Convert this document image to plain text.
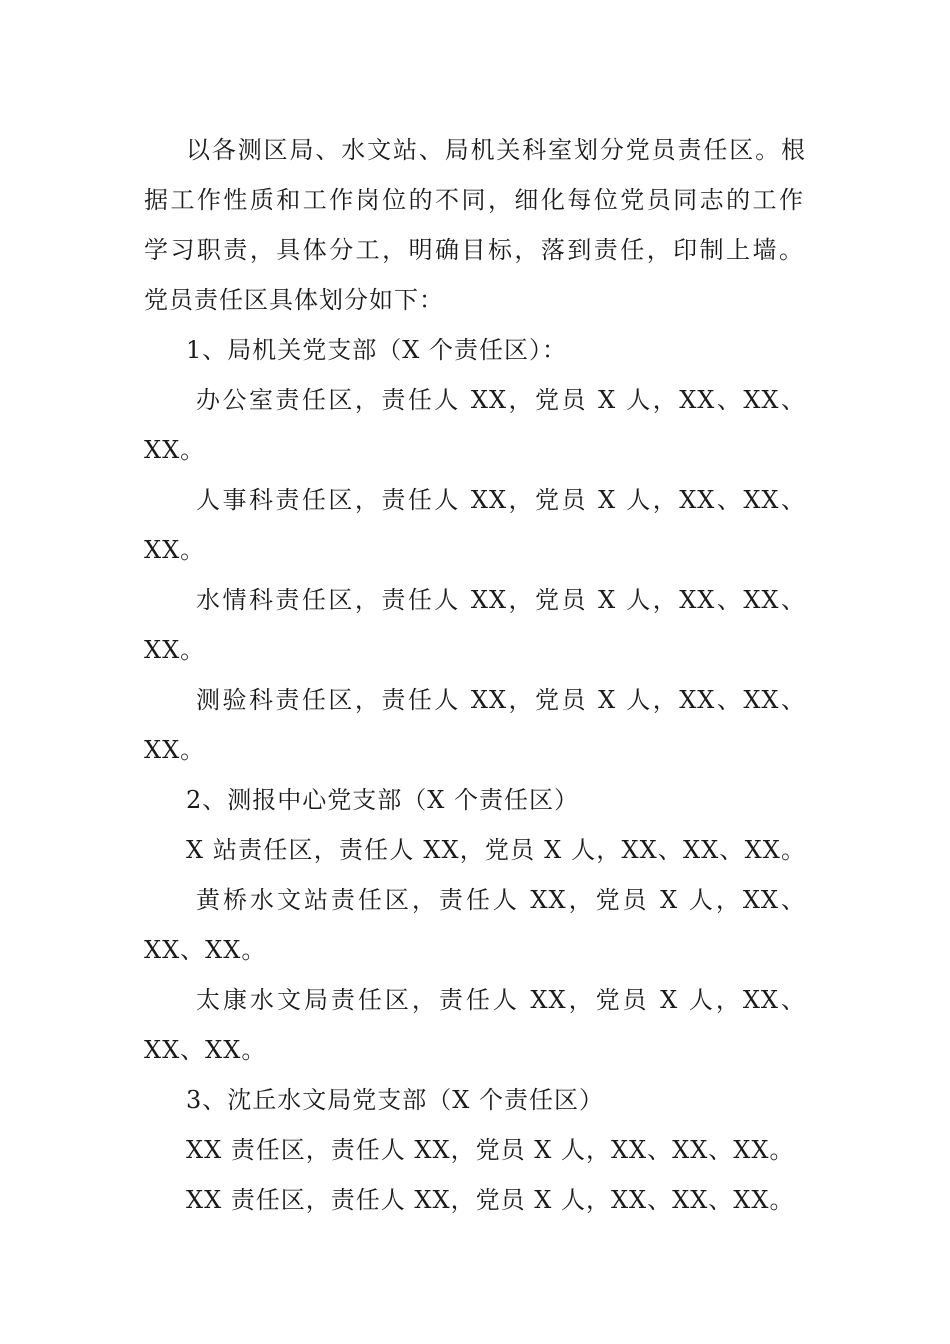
以各测区局、水文站、局机关科室划分党员责任区。根
据工作性质和工作岗位的不同，细化每位党员同志的工作
学习职责，具体分工，明确目标，落到责任，印制上墙。
党员责任区具体划分如下：
1、局机关党支部（X 个责任区）：
办公室责任区，责任人 XX，党员 X 人，XX、XX、
XX。
人事科责任区，责任人 XX，党员 X 人，XX、XX、
XX。
水情科责任区，责任人 XX，党员 X 人，XX、XX、
XX。
测验科责任区，责任人 XX，党员 X 人，XX、XX、
XX。
2、测报中心党支部（X 个责任区）
X 站责任区，责任人 XX，党员 X 人，XX、XX、XX。
黄桥水文站责任区，责任人 XX，党员 X 人，XX、
XX、XX。
太康水文局责任区，责任人 XX，党员 X 人，XX、
XX、XX。
3、沈丘水文局党支部（X 个责任区）
XX 责任区，责任人 XX，党员 X 人，XX、XX、XX。
XX 责任区，责任人 XX，党员 X 人，XX、XX、XX。
